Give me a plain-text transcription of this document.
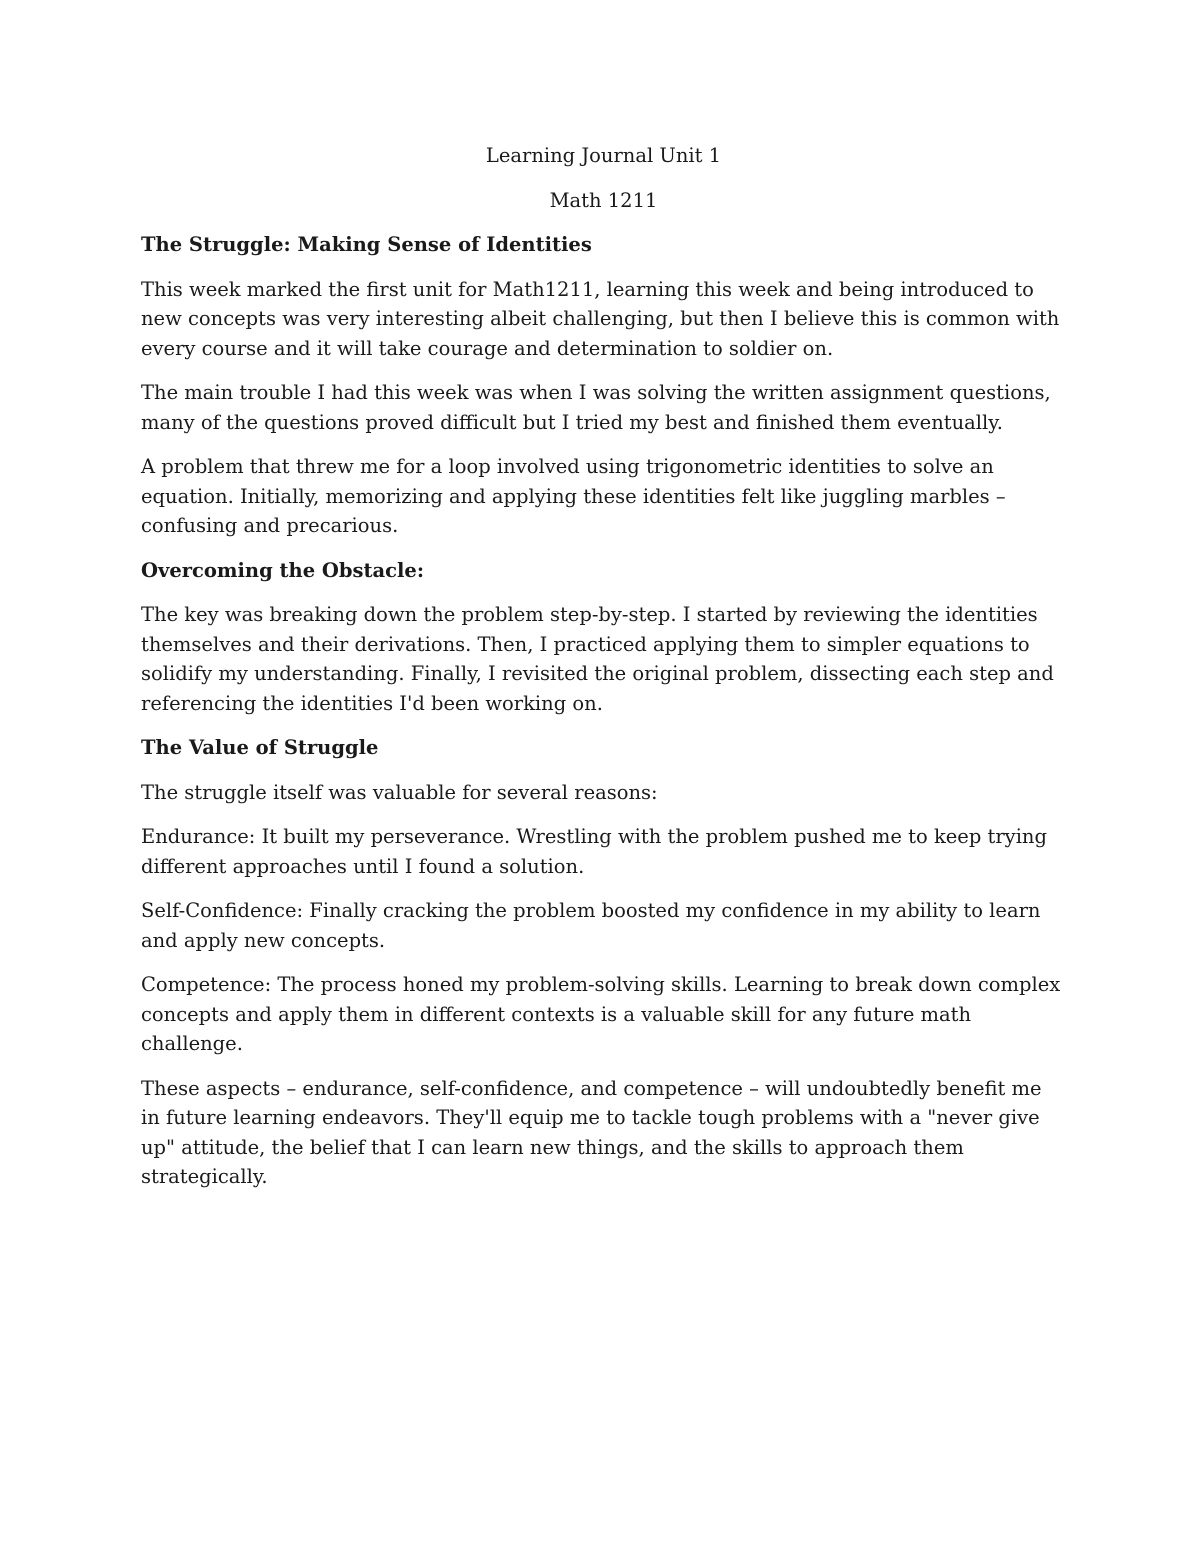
Learning Journal Unit 1
Math 1211
The Struggle: Making Sense of Identities

This week marked the first unit for Math1211, learning this week and being introduced to new concepts was very interesting albeit challenging, but then I believe this is common with every course and it will take courage and determination to soldier on.

The main trouble I had this week was when I was solving the written assignment questions, many of the questions proved difficult but I tried my best and finished them eventually.

A problem that threw me for a loop involved using trigonometric identities to solve an equation. Initially, memorizing and applying these identities felt like juggling marbles – confusing and precarious.

Overcoming the Obstacle:

The key was breaking down the problem step-by-step. I started by reviewing the identities themselves and their derivations. Then, I practiced applying them to simpler equations to solidify my understanding. Finally, I revisited the original problem, dissecting each step and referencing the identities I'd been working on.

The Value of Struggle

The struggle itself was valuable for several reasons:

Endurance: It built my perseverance. Wrestling with the problem pushed me to keep trying different approaches until I found a solution.

Self-Confidence: Finally cracking the problem boosted my confidence in my ability to learn and apply new concepts.

Competence: The process honed my problem-solving skills. Learning to break down complex concepts and apply them in different contexts is a valuable skill for any future math challenge.

These aspects – endurance, self-confidence, and competence – will undoubtedly benefit me in future learning endeavors. They'll equip me to tackle tough problems with a "never give up" attitude, the belief that I can learn new things, and the skills to approach them strategically.
